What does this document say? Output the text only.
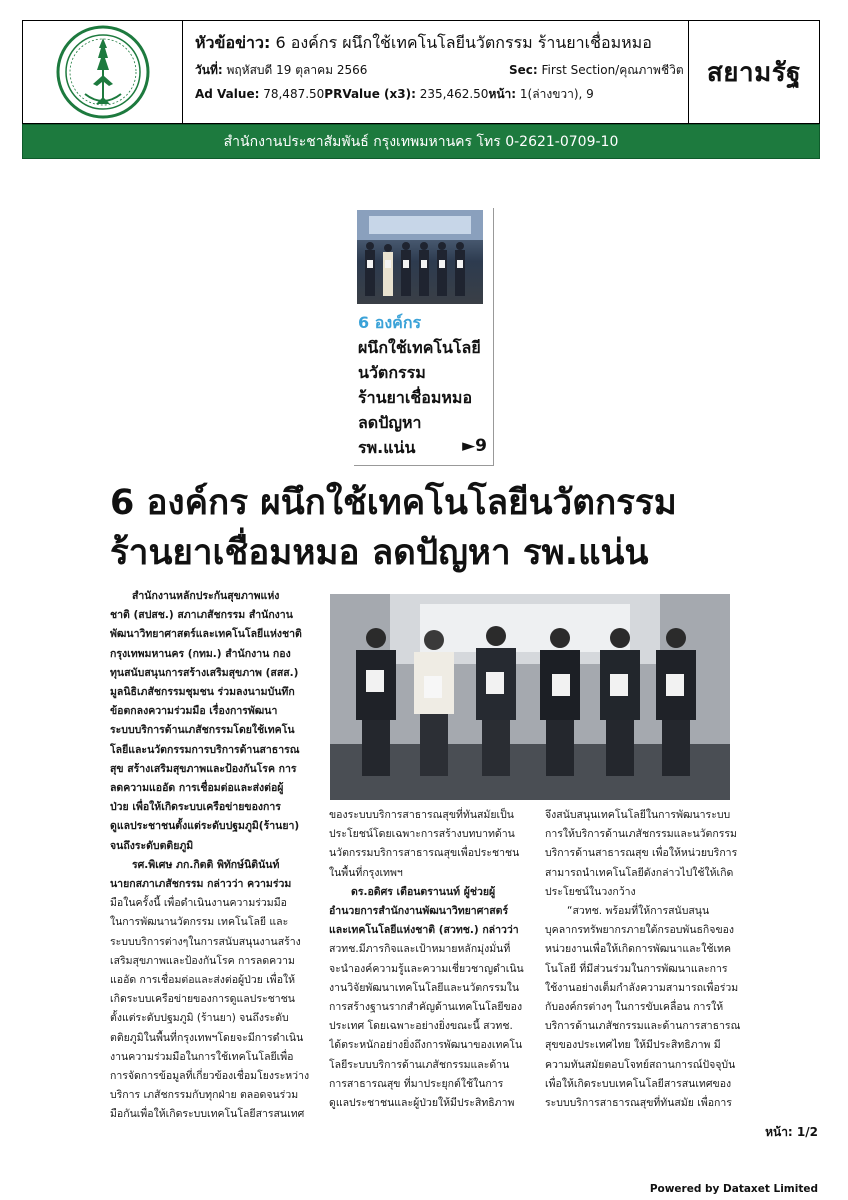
หัวข้อข่าว: 6 องค์กร ผนึกใช้เทคโนโลยีนวัตกรรม ร้านยาเชื่อมหมอ
วันที่: พฤหัสบดี 19 ตุลาคม 2566	Sec: First Section/คุณภาพชีวิต
Ad Value: 78,487.50PRValue (x3): 235,462.50หน้า: 1(ล่างขวา), 9
สยามรัฐ
สำนักงานประชาสัมพันธ์ กรุงเทพมหานคร โทร 0-2621-0709-10
6 องค์กร
ผนึกใช้เทคโนโลยี
นวัตกรรม
ร้านยาเชื่อมหมอ
ลดปัญหา
รพ.แน่น	►9
6 องค์กร ผนึกใช้เทคโนโลยีนวัตกรรม
ร้านยาเชื่อมหมอ ลดปัญหา รพ.แน่น

สำนักงานหลักประกันสุขภาพแห่ง

ชาติ (สปสช.) สภาเภสัชกรรม สำนักงาน

พัฒนาวิทยาศาสตร์และเทคโนโลยีแห่งชาติ

กรุงเทพมหานคร (กทม.) สำนักงาน กอง

ทุนสนับสนุนการสร้างเสริมสุขภาพ (สสส.)

มูลนิธิเภสัชกรรมชุมชน ร่วมลงนามบันทึก

ข้อตกลงความร่วมมือ เรื่องการพัฒนา

ระบบบริการด้านเภสัชกรรมโดยใช้เทคโน

โลยีและนวัตกรรมการบริการด้านสาธารณ

สุข สร้างเสริมสุขภาพและป้องกันโรค การ

ลดความแออัด การเชื่อมต่อและส่งต่อผู้

ป่วย เพื่อให้เกิดระบบเครือข่ายของการ

ดูแลประชาชนตั้งแต่ระดับปฐมภูมิ(ร้านยา)

จนถึงระดับตติยภูมิ

รศ.พิเศษ ภก.กิตติ พิทักษ์นิตินันท์

นายกสภาเภสัชกรรม กล่าวว่า ความร่วม

มือในครั้งนี้ เพื่อดำเนินงานความร่วมมือ

ในการพัฒนานวัตกรรม เทคโนโลยี และ

ระบบบริการต่างๆในการสนับสนุนงานสร้าง

เสริมสุขภาพและป้องกันโรค การลดความ

แออัด การเชื่อมต่อและส่งต่อผู้ป่วย เพื่อให้

เกิดระบบเครือข่ายของการดูแลประชาชน

ตั้งแต่ระดับปฐมภูมิ (ร้านยา) จนถึงระดับ

ตติยภูมิในพื้นที่กรุงเทพฯโดยจะมีการดำเนิน

งานความร่วมมือในการใช้เทคโนโลยีเพื่อ

การจัดการข้อมูลที่เกี่ยวข้องเชื่อมโยงระหว่าง

บริการ เภสัชกรรมกับทุกฝ่าย ตลอดจนร่วม

มือกันเพื่อให้เกิดระบบเทคโนโลยีสารสนเทศ

ของระบบบริการสาธารณสุขที่ทันสมัยเป็น

ประโยชน์โดยเฉพาะการสร้างบทบาทด้าน

นวัตกรรมบริการสาธารณสุขเพื่อประชาชน

ในพื้นที่กรุงเทพฯ

ดร.อดิศร เตือนตรานนท์ ผู้ช่วยผู้

อำนวยการสำนักงานพัฒนาวิทยาศาสตร์

และเทคโนโลยีแห่งชาติ (สวทช.) กล่าวว่า

สวทช.มีภารกิจและเป้าหมายหลักมุ่งมั่นที่

จะนำองค์ความรู้และความเชี่ยวชาญดำเนิน

งานวิจัยพัฒนาเทคโนโลยีและนวัตกรรมใน

การสร้างฐานรากสำคัญด้านเทคโนโลยีของ

ประเทศ โดยเฉพาะอย่างยิ่งขณะนี้ สวทช.

ได้ตระหนักอย่างยิ่งถึงการพัฒนาของเทคโน

โลยีระบบบริการด้านเภสัชกรรมและด้าน

การสาธารณสุข ที่มาประยุกต์ใช้ในการ

ดูแลประชาชนและผู้ป่วยให้มีประสิทธิภาพ

จึงสนับสนุนเทคโนโลยีในการพัฒนาระบบ

การให้บริการด้านเภสัชกรรมและนวัตกรรม

บริการด้านสาธารณสุข เพื่อให้หน่วยบริการ

สามารถนำเทคโนโลยีดังกล่าวไปใช้ให้เกิด

ประโยชน์ในวงกว้าง

“สวทช. พร้อมที่ให้การสนับสนุน

บุคลากรทรัพยากรภายใต้กรอบพันธกิจของ

หน่วยงานเพื่อให้เกิดการพัฒนาและใช้เทค

โนโลยี ที่มีส่วนร่วมในการพัฒนาและการ

ใช้งานอย่างเต็มกำลังความสามารถเพื่อร่วม

กับองค์กรต่างๆ ในการขับเคลื่อน การให้

บริการด้านเภสัชกรรมและด้านการสาธารณ

สุขของประเทศไทย ให้มีประสิทธิภาพ มี

ความทันสมัยตอบโจทย์สถานการณ์ปัจจุบัน

เพื่อให้เกิดระบบเทคโนโลยีสารสนเทศของ

ระบบบริการสาธารณสุขที่ทันสมัย เพื่อการ

หน้า: 1/2
Powered by Dataxet Limited
